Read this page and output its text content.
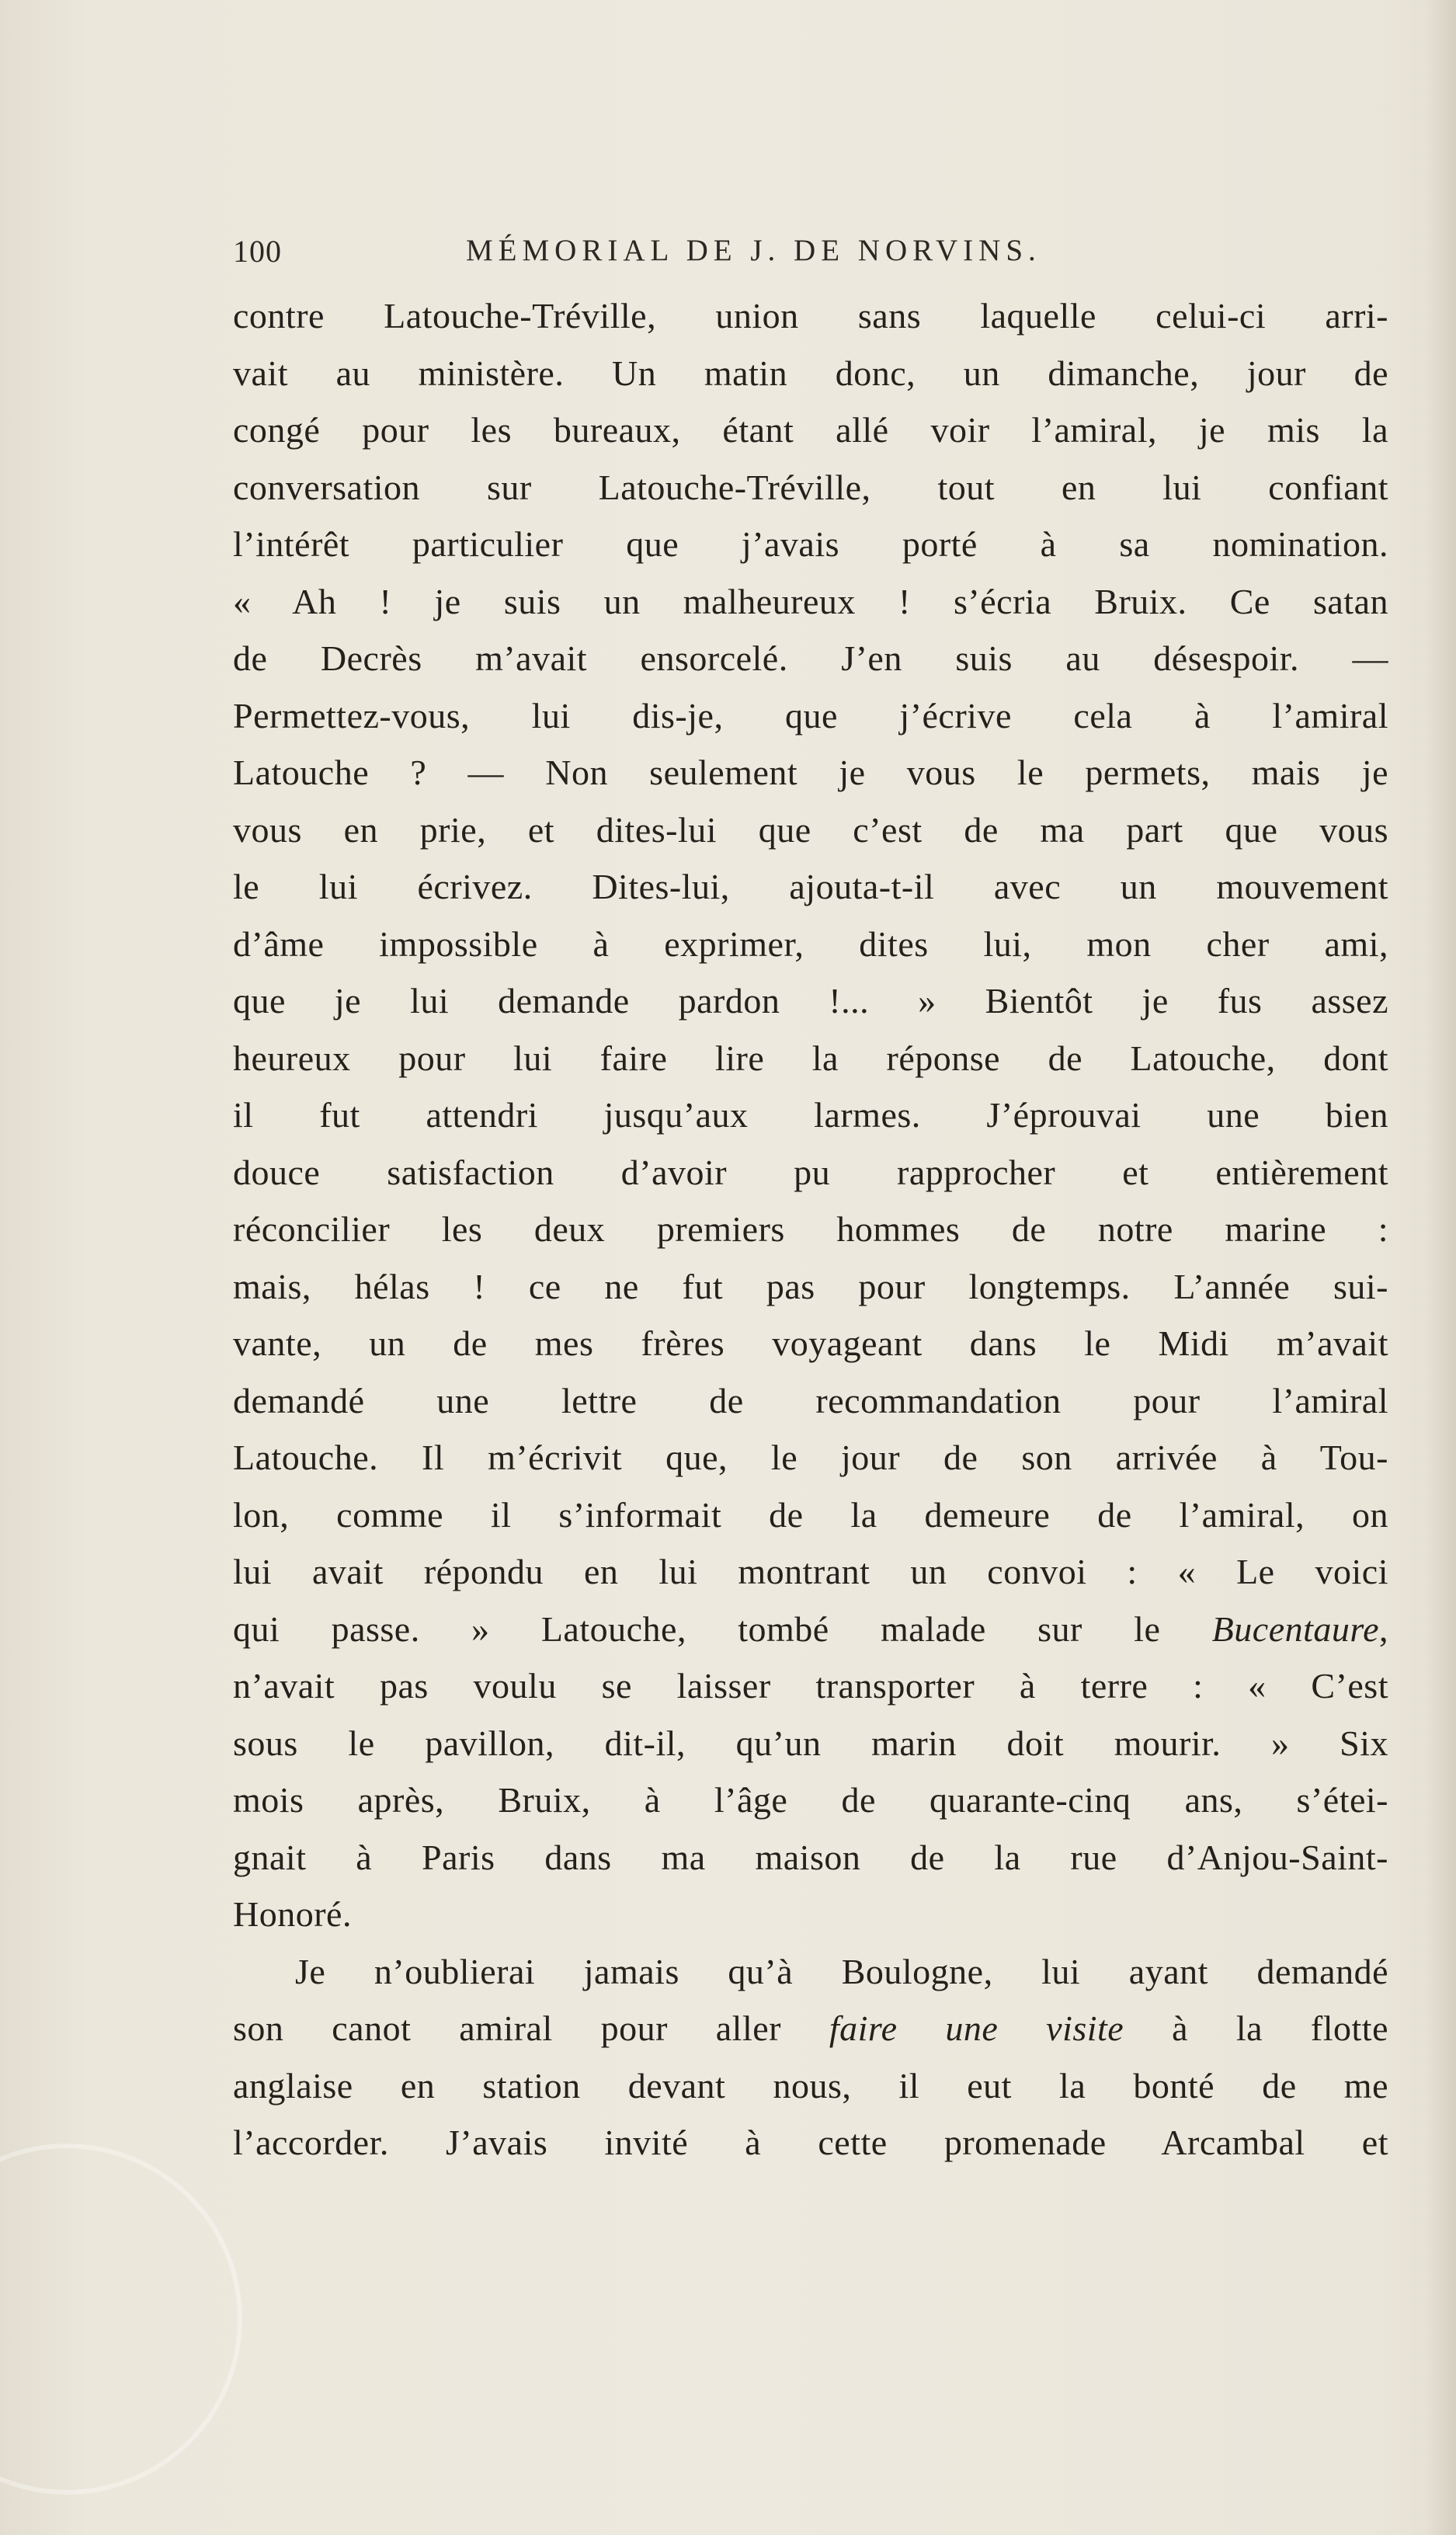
100	MÉMORIAL DE J. DE NORVINS.
contre Latouche-Tréville, union sans laquelle celui-ci arri-
vait au ministère. Un matin donc, un dimanche, jour de
congé pour les bureaux, étant allé voir l’amiral, je mis la
conversation sur Latouche-Tréville, tout en lui confiant
l’intérêt particulier que j’avais porté à sa nomination.
« Ah ! je suis un malheureux ! s’écria Bruix. Ce satan
de Decrès m’avait ensorcelé. J’en suis au désespoir. —
Permettez-vous, lui dis-je, que j’écrive cela à l’amiral
Latouche ? — Non seulement je vous le permets, mais je
vous en prie, et dites-lui que c’est de ma part que vous
le lui écrivez. Dites-lui, ajouta-t-il avec un mouvement
d’âme impossible à exprimer, dites lui, mon cher ami,
que je lui demande pardon !... » Bientôt je fus assez
heureux pour lui faire lire la réponse de Latouche, dont
il fut attendri jusqu’aux larmes. J’éprouvai une bien
douce satisfaction d’avoir pu rapprocher et entièrement
réconcilier les deux premiers hommes de notre marine :
mais, hélas ! ce ne fut pas pour longtemps. L’année sui-
vante, un de mes frères voyageant dans le Midi m’avait
demandé une lettre de recommandation pour l’amiral
Latouche. Il m’écrivit que, le jour de son arrivée à Tou-
lon, comme il s’informait de la demeure de l’amiral, on
lui avait répondu en lui montrant un convoi : « Le voici
qui passe. » Latouche, tombé malade sur le Bucentaure,
n’avait pas voulu se laisser transporter à terre : « C’est
sous le pavillon, dit-il, qu’un marin doit mourir. » Six
mois après, Bruix, à l’âge de quarante-cinq ans, s’étei-
gnait à Paris dans ma maison de la rue d’Anjou-Saint-
Honoré.
Je n’oublierai jamais qu’à Boulogne, lui ayant demandé
son canot amiral pour aller faire une visite à la flotte
anglaise en station devant nous, il eut la bonté de me
l’accorder. J’avais invité à cette promenade Arcambal et
